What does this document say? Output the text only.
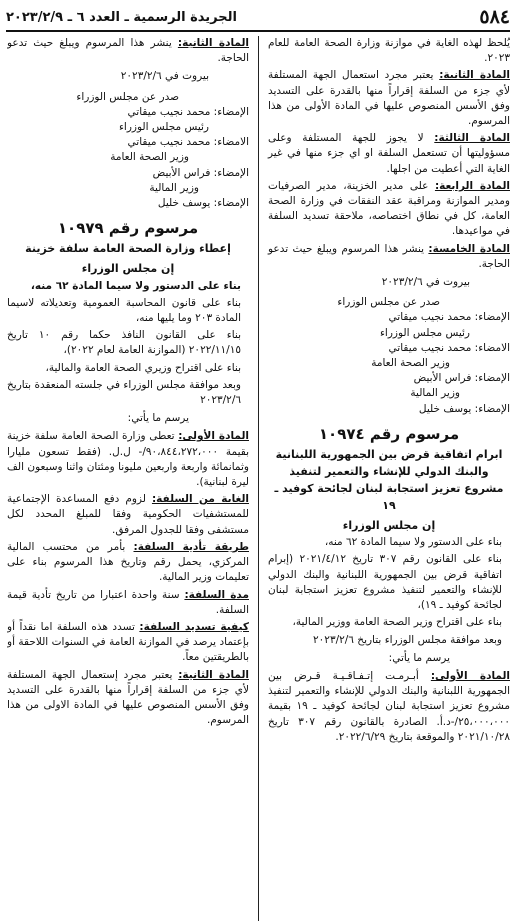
٥٨٤
الجريدة الرسمية ـ العدد ٦ ـ ٢٠٢٣/٢/٩

يُلحظ لهذه الغاية في موازنة وزارة الصحة العامة للعام ٢٠٢٣.

المادة الثانية: يعتبر مجرد استعمال الجهة المستلفة لأي جزء من السلفة إقراراً منها بالقدرة على التسديد وفق الأسس المنصوص عليها في المادة الأولى من هذا المرسوم.

المادة الثالثة: لا يجوز للجهة المستلفة وعلى مسؤوليتها أن تستعمل السلفة او اي جزء منها في غير الغاية التي أعطيت من اجلها.

المادة الرابعة: على مدير الخزينة، مدير الصرفيات ومدير الموازنة ومراقبة عقد النفقات في وزارة الصحة العامة، كل في نطاق اختصاصه، ملاحقة تسديد السلفة في مواعيدها.

المادة الخامسة: ينشر هذا المرسوم ويبلغ حيث تدعو الحاجة.

بيروت في ٢٠٢٣/٢/٦

صدر عن مجلس الوزراء

الإمضاء: محمد نجيب ميقاتي

رئيس مجلس الوزراء

الامضاء: محمد نجيب ميقاتي

وزير الصحة العامة

الإمضاء: فراس الأبيض

وزير المالية

الإمضاء: يوسف خليل

مرسوم رقم ١٠٩٧٤
ابرام اتفاقية قرض بين الجمهورية اللبنانية والبنك الدولي للإنشاء والتعمير لتنفيذ مشروع تعزيز استجابة لبنان لجائحة كوفيد ـ ١٩
إن مجلس الوزراء

بناء على الدستور ولا سيما المادة ٦٢ منه،

بناء على القانون رقم ٣٠٧ تاريخ ٢٠٢١/٤/١٢ (إبرام اتفاقية قرض بين الجمهورية اللبنانية والبنك الدولي للإنشاء والتعمير لتنفيذ مشروع تعزيز استجابة لبنان لجائحة كوفيد ـ ١٩)،

بناء على اقتراح وزير الصحة العامة ووزير المالية،

وبعد موافقة مجلس الوزراء بتاريخ ٢٠٢٣/٢/٦

يرسم ما يأتي:

المادة الأولى: أبـرمـت إتـفـاقـيـة قـرض بين الجمهورية اللبنانية والبنك الدولي للإنشاء والتعمير لتنفيذ مشروع تعزيز استجابة لبنان لجائحة كوفيد ـ ١٩ بقيمة ٢٥،٠٠٠،٠٠٠/-د.أ. الصادرة بالقانون رقم ٣٠٧ تاريخ ٢٠٢١/١٠/٢٨ والموقعة بتاريخ ٢٠٢٢/٦/٢٩.

المادة الثانية: ينشر هذا المرسوم ويبلغ حيث تدعو الحاجة.

بيروت في ٢٠٢٣/٢/٦

صدر عن مجلس الوزراء

الإمضاء: محمد نجيب ميقاتي

رئيس مجلس الوزراء

الامضاء: محمد نجيب ميقاتي

وزير الصحة العامة

الإمضاء: فراس الأبيض

وزير المالية

الإمضاء: يوسف خليل

مرسوم رقم ١٠٩٧٩
إعطاء وزارة الصحة العامة سلفة خزينة
إن مجلس الوزراء

بناء على الدستور ولا سيما المادة ٦٢ منه،

بناء على قانون المحاسبة العمومية وتعديلاته لاسيما المادة ٢٠٣ وما يليها منه،

بناء على القانون النافذ حكما رقم ١٠ تاريخ ٢٠٢٢/١١/١٥ (الموازنة العامة لعام ٢٠٢٢)،

بناء على اقتراح وزيري الصحة العامة والمالية،

وبعد موافقة مجلس الوزراء في جلسته المنعقدة بتاريخ ٢٠٢٣/٢/٦

يرسم ما يأتي:

المادة الأولى: تعطى وزارة الصحة العامة سلفة خزينة بقيمة ٩٠،٨٤٤،٢٧٢،٠٠٠/- ل.ل. (فقط تسعون مليارا وثمانمائة واربعة واربعين مليونا ومئتان واثنا وسبعون الف ليرة لبنانية).

الغاية من السلفة: لزوم دفع المساعدة الإجتماعية للمستشفيات الحكومية وفقا للمبلغ المحدد لكل مستشفى وفقا للجدول المرفق.

طريقة تأدية السلفة: بأمر من محتسب المالية المركزي، يحمل رقم وتاريخ هذا المرسوم بناء على تعليمات وزير المالية.

مدة السلفة: سنة واحدة اعتبارا من تاريخ تأدية قيمة السلفة.

كيفية تسديد السلفة: تسدد هذه السلفة اما نقداً أو بإعتماد يرصد في الموازنة العامة في السنوات اللاحقة أو بالطريقتين معاً.

المادة الثانية: يعتبر مجرد إستعمال الجهة المستلفة لأي جزء من السلفة إقراراً منها بالقدرة على التسديد وفق الأسس المنصوص عليها في المادة الاولى من هذا المرسوم.
